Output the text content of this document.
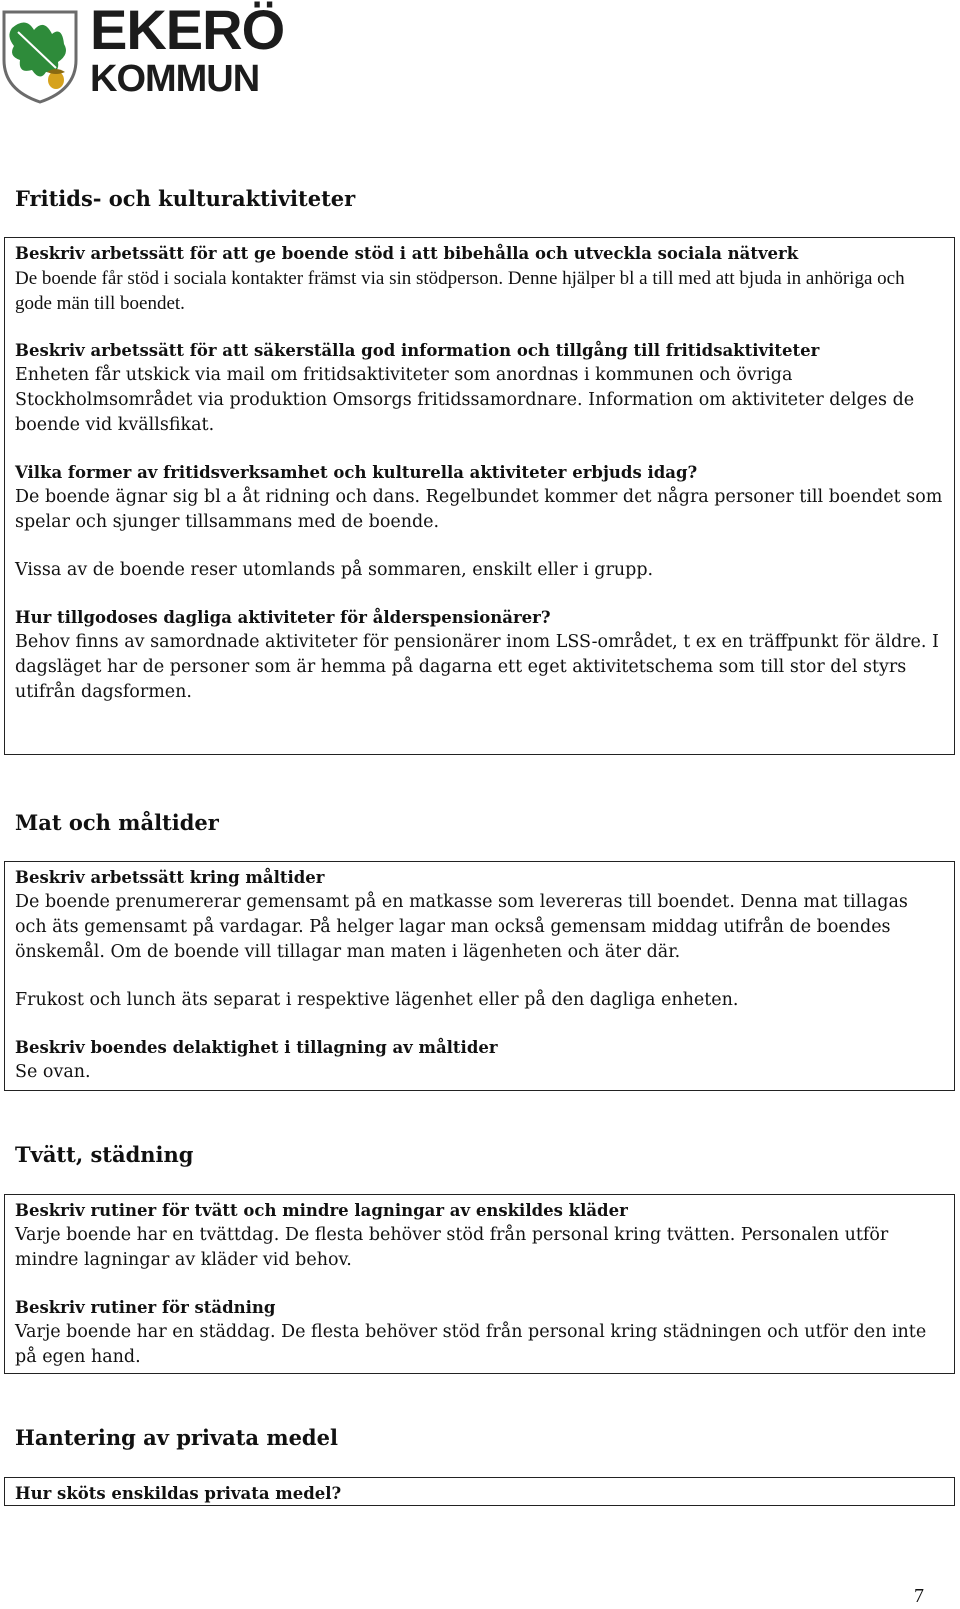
EKERÖ
KOMMUN
Fritids- och kulturaktiviteter

Beskriv arbetssätt för att ge boende stöd i att bibehålla och utveckla sociala nätverk

De boende får stöd i sociala kontakter främst via sin stödperson. Denne hjälper bl a till med att bjuda in anhöriga och gode män till boendet.

Beskriv arbetssätt för att säkerställa god information och tillgång till fritidsaktiviteter

Enheten får utskick via mail om fritidsaktiviteter som anordnas i kommunen och övriga Stockholmsområdet via produktion Omsorgs fritidssamordnare. Information om aktiviteter delges de boende vid kvällsfikat.

Vilka former av fritidsverksamhet och kulturella aktiviteter erbjuds idag?

De boende ägnar sig bl a åt ridning och dans. Regelbundet kommer det några personer till boendet som spelar och sjunger tillsammans med de boende.

Vissa av de boende reser utomlands på sommaren, enskilt eller i grupp.

Hur tillgodoses dagliga aktiviteter för ålderspensionärer?

Behov finns av samordnade aktiviteter för pensionärer inom LSS-området, t ex en träffpunkt för äldre. I dagsläget har de personer som är hemma på dagarna ett eget aktivitetschema som till stor del styrs utifrån dagsformen.

Mat och måltider

Beskriv arbetssätt kring måltider

De boende prenumererar gemensamt på en matkasse som levereras till boendet. Denna mat tillagas och äts gemensamt på vardagar. På helger lagar man också gemensam middag utifrån de boendes önskemål. Om de boende vill tillagar man maten i lägenheten och äter där.

Frukost och lunch äts separat i respektive lägenhet eller på den dagliga enheten.

Beskriv boendes delaktighet i tillagning av måltider

Se ovan.

Tvätt, städning

Beskriv rutiner för tvätt och mindre lagningar av enskildes kläder

Varje boende har en tvättdag. De flesta behöver stöd från personal kring tvätten. Personalen utför mindre lagningar av kläder vid behov.

Beskriv rutiner för städning

Varje boende har en städdag. De flesta behöver stöd från personal kring städningen och utför den inte på egen hand.

Hantering av privata medel

Hur sköts enskildas privata medel?

7
